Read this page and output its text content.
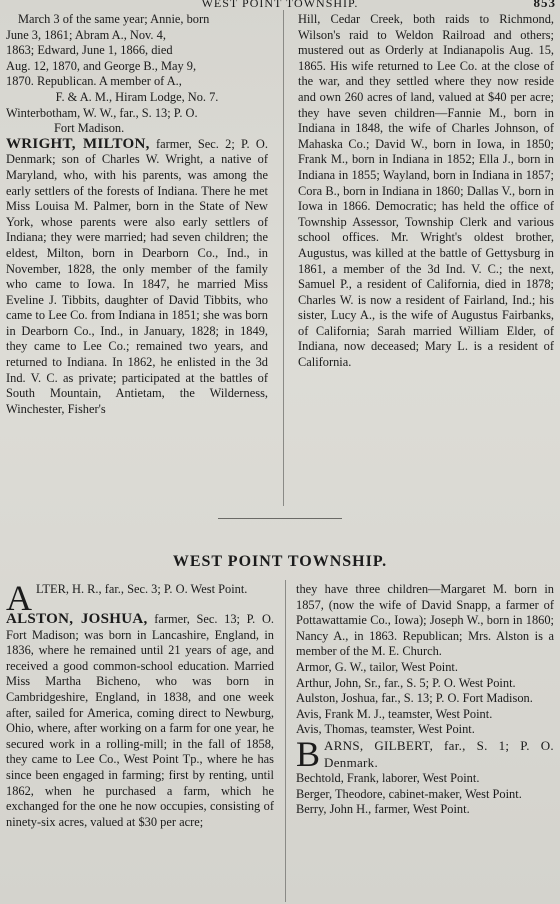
WEST POINT TOWNSHIP.	853
March 3 of the same year; Annie, born
June 3, 1861; Abram A., Nov. 4,
1863; Edward, June 1, 1866, died
Aug. 12, 1870, and George B., May 9,
1870. Republican. A member of A.,
F. & A. M., Hiram Lodge, No. 7.
Winterbotham, W. W., far., S. 13; P. O.
Fort Madison.

WRIGHT, MILTON, farmer, Sec. 2; P. O. Denmark; son of Charles W. Wright, a native of Maryland, who, with his parents, was among the early settlers of the forests of Indiana. There he met Miss Louisa M. Palmer, born in the State of New York, whose parents were also early settlers of Indiana; they were married; had seven children; the eldest, Milton, born in Dearborn Co., Ind., in November, 1828, the only member of the family who came to Iowa. In 1847, he married Miss Eveline J. Tibbits, daughter of David Tibbits, who came to Lee Co. from Indiana in 1851; she was born in Dearborn Co., Ind., in January, 1828; in 1849, they came to Lee Co.; remained two years, and returned to Indiana. In 1862, he enlisted in the 3d Ind. V. C. as private; participated at the battles of South Mountain, Antietam, the Wilderness, Winchester, Fisher's

Hill, Cedar Creek, both raids to Richmond, Wilson's raid to Weldon Railroad and others; mustered out as Orderly at Indianapolis Aug. 15, 1865. His wife returned to Lee Co. at the close of the war, and they settled where they now reside and own 260 acres of land, valued at $40 per acre; they have seven children—Fannie M., born in Indiana in 1848, the wife of Charles Johnson, of Mahaska Co.; David W., born in Iowa, in 1850; Frank M., born in Indiana in 1852; Ella J., born in Indiana in 1855; Wayland, born in Indiana in 1857; Cora B., born in Indiana in 1860; Dallas V., born in Iowa in 1866. Democratic; has held the office of Township Assessor, Township Clerk and various school offices. Mr. Wright's oldest brother, Augustus, was killed at the battle of Gettysburg in 1861, a member of the 3d Ind. V. C.; the next, Samuel P., a resident of California, died in 1878; Charles W. is now a resident of Fairland, Ind.; his sister, Lucy A., is the wife of Augustus Fairbanks, of California; Sarah married William Elder, of Indiana, now deceased; Mary L. is a resident of California.

WEST POINT TOWNSHIP.

ALTER, H. R., far., Sec. 3; P. O. West Point.

ALSTON, JOSHUA, farmer, Sec. 13; P. O. Fort Madison; was born in Lancashire, England, in 1836, where he remained until 21 years of age, and received a good common-school education. Married Miss Martha Bicheno, who was born in Cambridgeshire, England, in 1838, and one week after, sailed for America, coming direct to Newburg, Ohio, where, after working on a farm for one year, he secured work in a rolling-mill; in the fall of 1858, they came to Lee Co., West Point Tp., where he has since been engaged in farming; first by renting, until 1862, when he purchased a farm, which he exchanged for the one he now occupies, consisting of ninety-six acres, valued at $30 per acre;

they have three children—Margaret M. born in 1857, (now the wife of David Snapp, a farmer of Pottawattamie Co., Iowa); Joseph W., born in 1860; Nancy A., in 1863. Republican; Mrs. Alston is a member of the M. E. Church.

Armor, G. W., tailor, West Point.

Arthur, John, Sr., far., S. 5; P. O. West Point.

Aulston, Joshua, far., S. 13; P. O. Fort Madison.

Avis, Frank M. J., teamster, West Point.

Avis, Thomas, teamster, West Point.

BARNS, GILBERT, far., S. 1; P. O. Denmark.

Bechtold, Frank, laborer, West Point.

Berger, Theodore, cabinet-maker, West Point.

Berry, John H., farmer, West Point.
